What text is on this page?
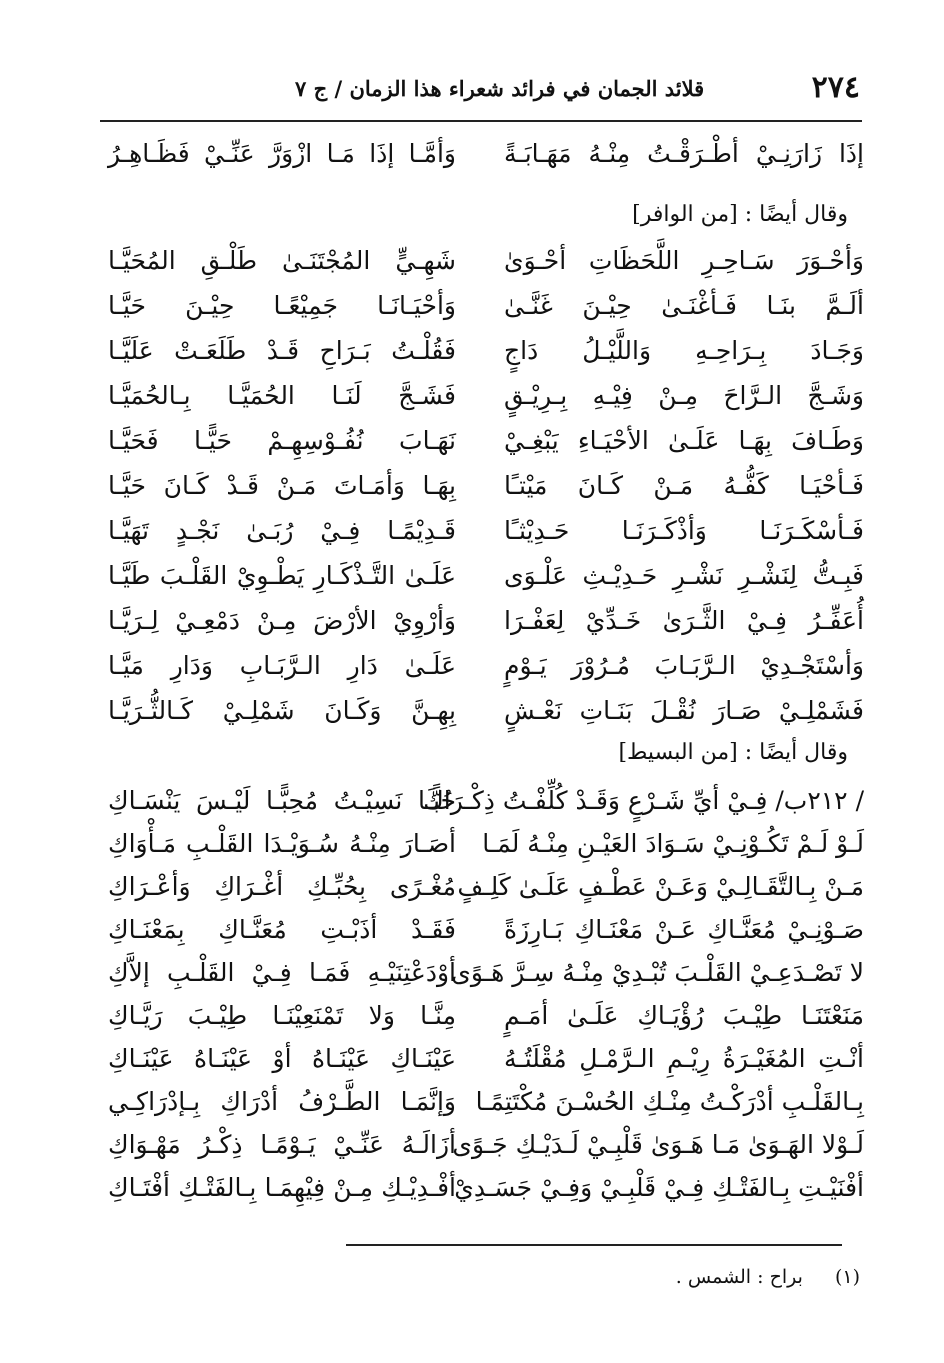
٢٧٤
قلائد الجمان في فرائد شعراء هذا الزمان / ج ٧
إذَا زَارَنِـيْ أطْـرَقْـتُ مِنْـهُ مَهَـابَـةً
وَأمَّـا إذَا مَـا ازْوَرَّ عَنِّـيْ فَظَـاهِـرُ
وقال أيضًا : [من الوافر]
وَأحْـوَرَ سَـاحِـرِ اللَّحَظَاتِ أحْـوَىٰ
ألَـمَّ بنَـا فَـأغْنَـىٰ حِيْـنَ غَنَّـىٰ
وَجَـادَ بِـرَاحِـهِ وَاللَّيْـلُ دَاجٍ
وَشَـجَّ الـرَّاحَ مِـنْ فِيْـهِ بِـرِيْـقٍ
وَطَـافَ بِهَـا عَلَـىٰ الأحْيَـاءِ يَبْغِـيْ
فَـأحْيَـا كَفُّـهُ مَـنْ كَـانَ مَيْتـًا
فَـأسْكَـرَنَـا وَأذْكَـرَنَـا حَـدِيْثـًا
فَبِـتُّ لِنَشْـرِ نَشْـرِ حَـدِيْـثِ عَلْـوَى
أُعَفِّـرُ فِـيْ الثَّـرَىٰ خَـدِّيْ لِعَفْـرَا
وَأسْتَجْـدِيْ الـرَّبَـابَ مُـرُوْرَ يَـوْمٍ
فَشَمْلِـيْ صَـارَ نُقْـلَ بَنَـاتِ نَعْـشٍ
شَهِـيٍّ المُجْتَنَـىٰ طَلْـقِ المُحَيَّـا
وَأحْيَـانَـا جَمِيْعًـا حِيْـنَ حَيَّـا
فَقُلْـتُ بَـرَاحِ قَـدْ طَلَعَـتْ عَلَيَّـا
فَشَـجَّ لَنَـا الحُمَيَّـا بِـالحُمَيَّـا
نَهَـابَ نُفُـوْسِهِـمْ حَيًّـا فَحَيَّـا
بِهَـا وَأمَـاتَ مَـنْ قَـدْ كَـانَ حَيَّـا
قَـدِيْمًـا فِـيْ رُبَـىٰ نَجْـدٍ تَهَيَّـا
عَلَـىٰ التَّـذْكَـارِ يَطْـوِيْ القَلْـبَ طَيَّـا
وَأرْوِيْ الأرْضَ مِـنْ دَمْعِـيْ لِـرَيَّـا
عَلَـىٰ دَارِ الـرَّبَـابِ وَدَارِ مَيَّـا
بِهِـنَّ وَكَـانَ شَمْلِـيْ كَـالثُّـرَيَّـا
وقال أيضًا : [من البسيط]
/ ٢١٢ب/ فِـيْ أيِّ شَـرْعٍ وَقَـدْ كُلِّفْـتُ ذِكْـرَاكَ
لَـوْ لَـمْ تَكُـوْنِـيْ سَـوَادَ العَيْـنِ مِنْـهُ لَمَـا
مَـنْ بِـالتَّقَـالِـيْ وَعَـنْ عَطْـفٍ عَلَـىٰ كَلِـفٍ
صَـوْنِـيْ مُعَنَّـاكِ عَـنْ مَعْنَـاكِ بَـارِزَةً
لا تَصْـدَعِـيْ القَلْـبَ تُبْـدِيْ مِنْـهُ سِـرَّ هَـوًى
مَنَعْتَنَـا طِيْـبَ رُؤْيَـاكِ عَلَـىٰ أمَـمٍ
أنْـتِ المُغَيْـرَةُ رِيْـمِ الـرَّمْـلِ مُقْلَتُـهُ
بِـالقَلْـبِ أدْرَكْـتُ مِنْـكِ الحُسْـنَ مُكْتَتِمًـا
لَـوْلا الهَـوَىٰ مَـا هَـوَىٰ قَلْبِـيْ لَـدَيْـكِ جَـوًى
أفْنَيْـتِ بِـالفَتْـكِ فِـيْ قَلْبِـيْ وَفِـيْ جَسَـدِيْ
حُبًّـا نَسِيْـتُ مُحِبًّـا لَيْـسَ يَنْسَـاكِ
أصَـارَ مِنْـهُ سُـوَيْـدَا القَلْـبِ مَـأْوَاكِ
مُغْـرًى بِحُبِّـكِ أغْـرَاكِ وَأعْـرَاكِ
فَقَـدْ أذَبْـتِ مُعَنَّـاكِ بِمَعْنَـاكِ
أوْدَعْتِنَيْـهِ فَمَـا فِـيْ القَلْـبِ إلاَّكِ
مِنَّـا وَلا تَمْنَعِيْنَـا طِيْـبَ رَيَّـاكِ
عَيْنَـاكِ عَيْنَـاهُ أوْ عَيْنَـاهُ عَيْنَـاكِ
وَإنَّمَـا الطَّـرْفُ أدْرَاكِ بِـإدْرَاكِـي
أزَالَـهُ عَنِّـيْ يَـوْمًـا ذِكْـرُ مَهْـوَاكِ
أفْـدِيْـكِ مِـنْ فِيْهِمَـا بِـالفَتْـكِ أفْتَـاكِ
(١) براح : الشمس .
